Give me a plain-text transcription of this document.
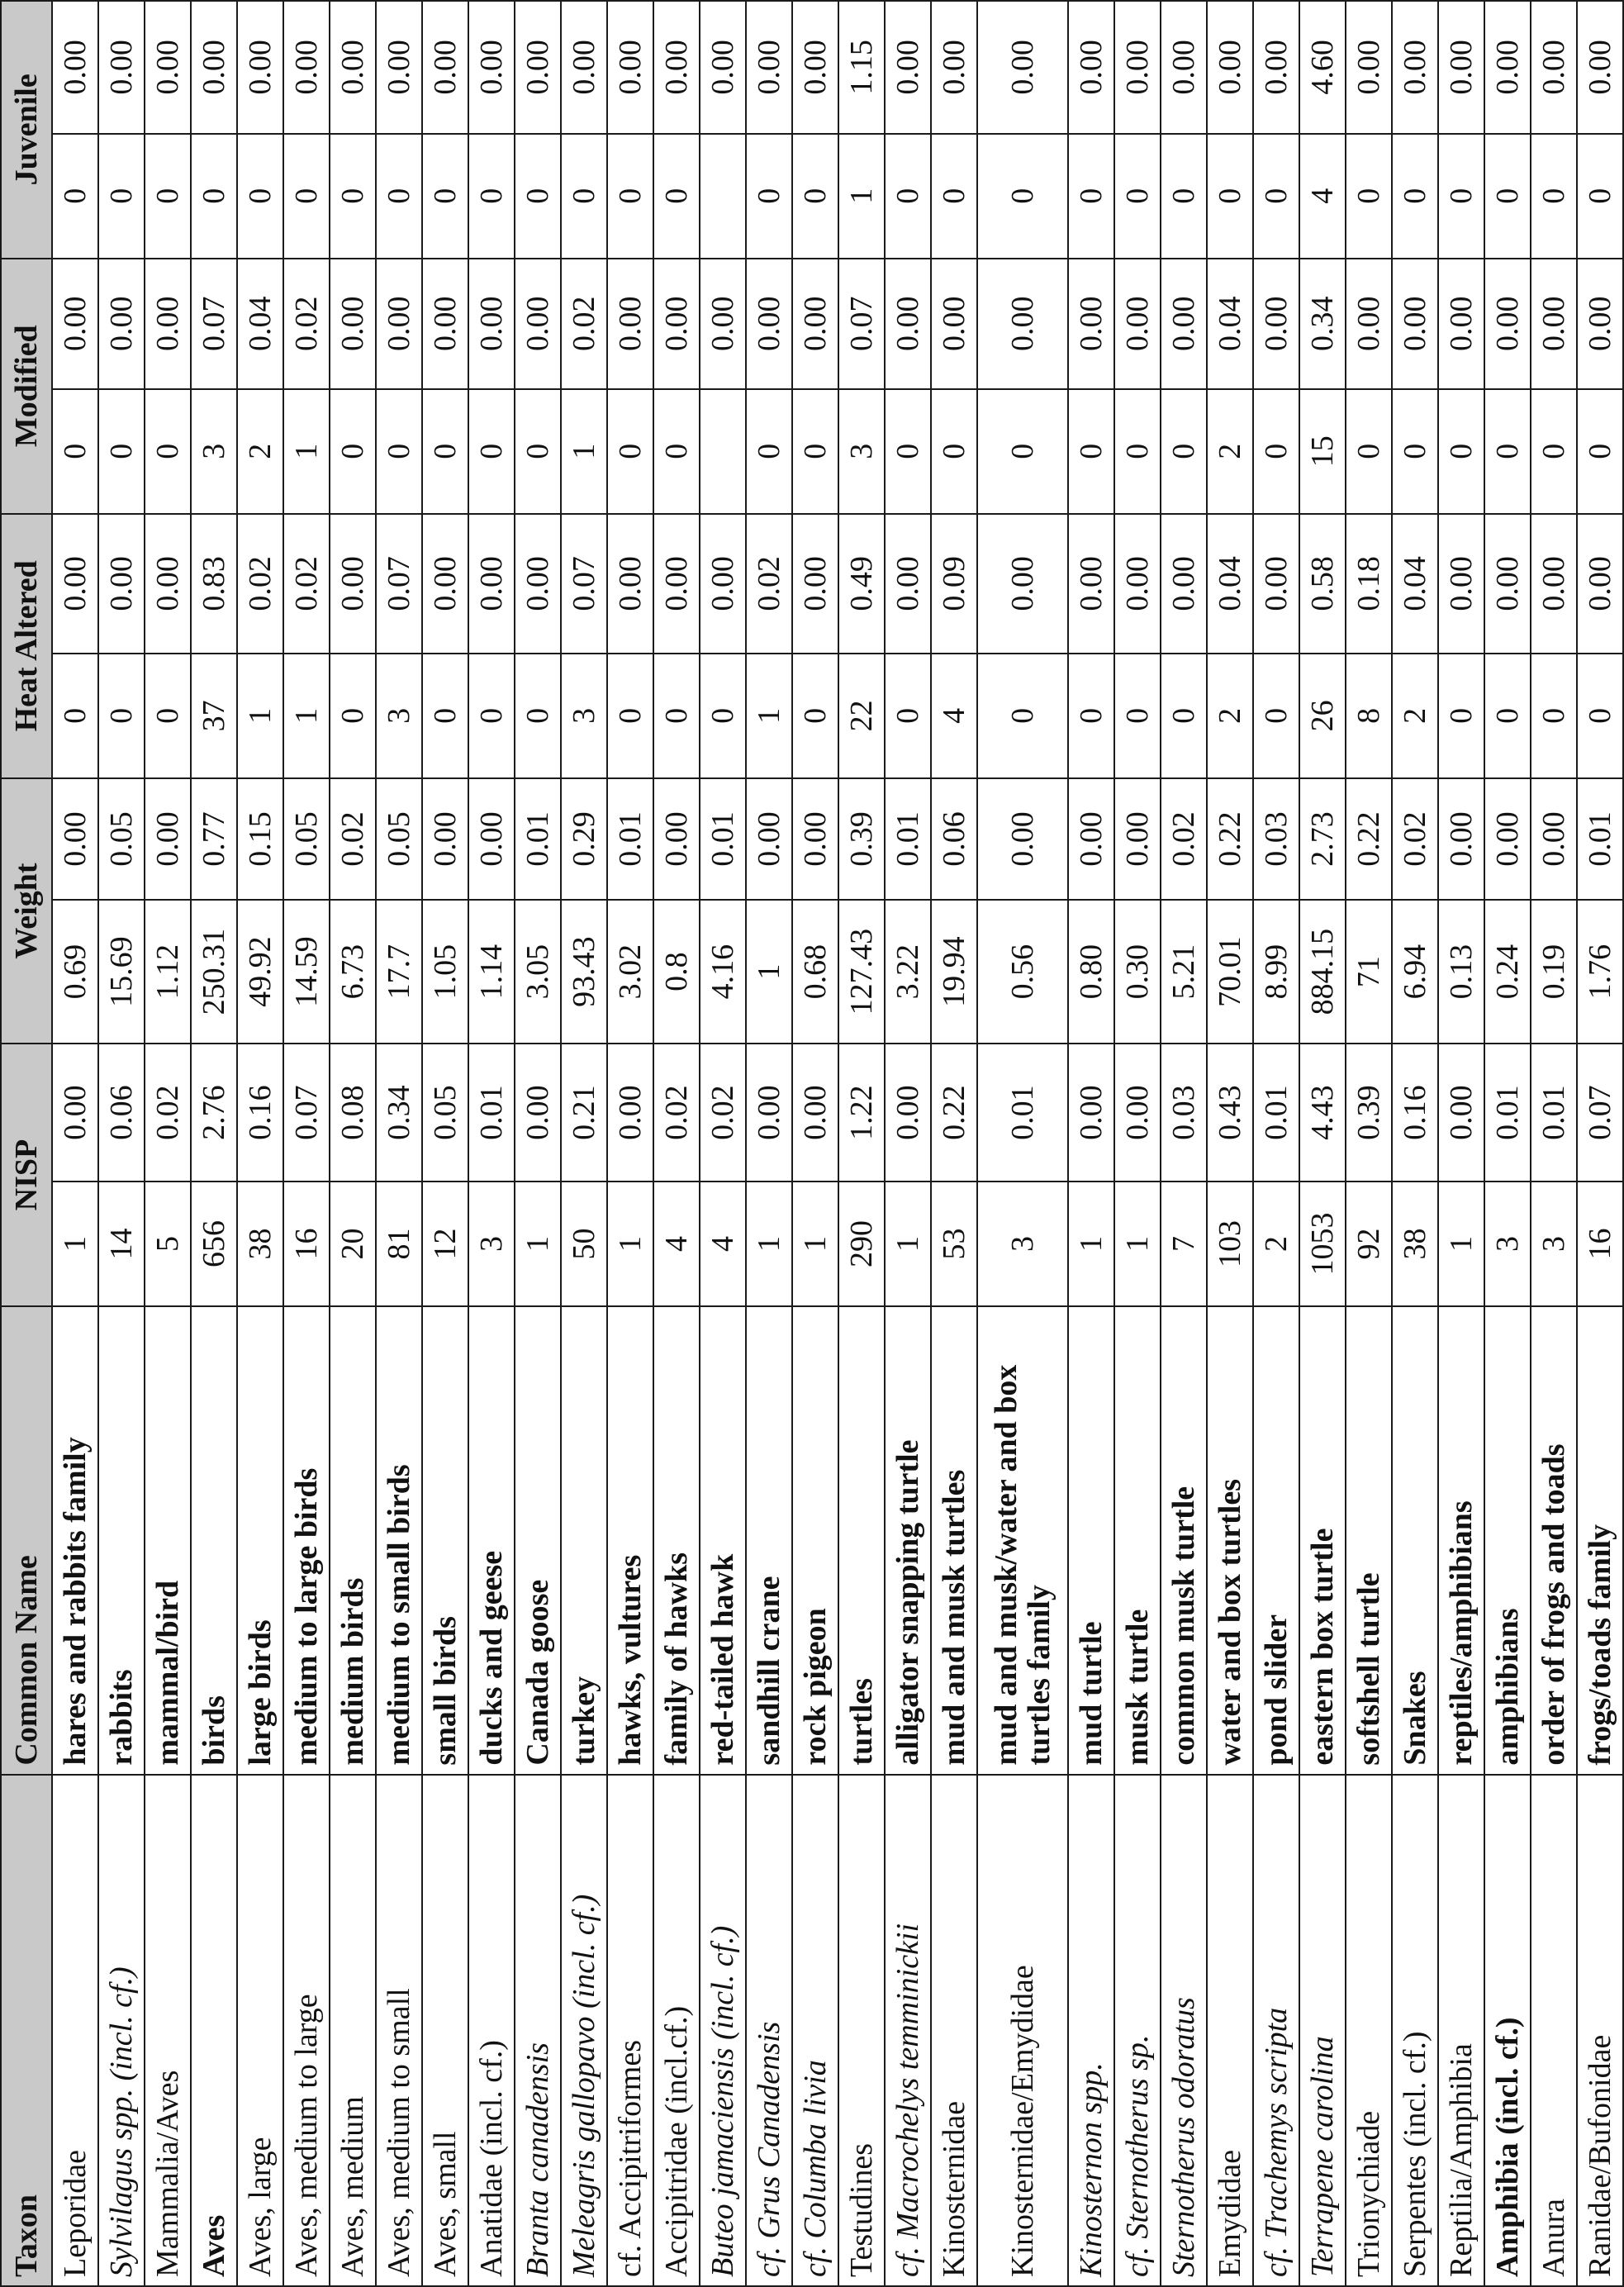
Taxon	Common Name	NISP		Weight		Heat Altered		Modified		Juvenile	
Leporidae	hares and rabbits family	1	0.00	0.69	0.00	0	0.00	0	0.00	0	0.00
Sylvilagus spp. (incl. cf.)	rabbits	14	0.06	15.69	0.05	0	0.00	0	0.00	0	0.00
Mammalia/Aves	mammal/bird	5	0.02	1.12	0.00	0	0.00	0	0.00	0	0.00
Aves	birds	656	2.76	250.31	0.77	37	0.83	3	0.07	0	0.00
Aves, large	large birds	38	0.16	49.92	0.15	1	0.02	2	0.04	0	0.00
Aves, medium to large	medium to large birds	16	0.07	14.59	0.05	1	0.02	1	0.02	0	0.00
Aves, medium	medium birds	20	0.08	6.73	0.02	0	0.00	0	0.00	0	0.00
Aves, medium to small	medium to small birds	81	0.34	17.7	0.05	3	0.07	0	0.00	0	0.00
Aves, small	small birds	12	0.05	1.05	0.00	0	0.00	0	0.00	0	0.00
Anatidae (incl. cf.)	ducks and geese	3	0.01	1.14	0.00	0	0.00	0	0.00	0	0.00
Branta canadensis	Canada goose	1	0.00	3.05	0.01	0	0.00	0	0.00	0	0.00
Meleagris gallopavo (incl. cf.)	turkey	50	0.21	93.43	0.29	3	0.07	1	0.02	0	0.00
cf. Accipitriformes	hawks, vultures	1	0.00	3.02	0.01	0	0.00	0	0.00	0	0.00
Accipitridae (incl.cf.)	family of hawks	4	0.02	0.8	0.00	0	0.00	0	0.00	0	0.00
Buteo jamaciensis (incl. cf.)	red-tailed hawk	4	0.02	4.16	0.01	0	0.00		0.00		0.00
cf. Grus Canadensis	sandhill crane	1	0.00	1	0.00	1	0.02	0	0.00	0	0.00
cf. Columba livia	rock pigeon	1	0.00	0.68	0.00	0	0.00	0	0.00	0	0.00
Testudines	turtles	290	1.22	127.43	0.39	22	0.49	3	0.07	1	1.15
cf. Macrochelys temminickii	alligator snapping turtle	1	0.00	3.22	0.01	0	0.00	0	0.00	0	0.00
Kinosternidae	mud and musk turtles	53	0.22	19.94	0.06	4	0.09	0	0.00	0	0.00
Kinosternidae/Emydidae	mud and musk/water and box turtles family	3	0.01	0.56	0.00	0	0.00	0	0.00	0	0.00
Kinosternon spp.	mud turtle	1	0.00	0.80	0.00	0	0.00	0	0.00	0	0.00
cf. Sternotherus sp.	musk turtle	1	0.00	0.30	0.00	0	0.00	0	0.00	0	0.00
Sternotherus odoratus	common musk turtle	7	0.03	5.21	0.02	0	0.00	0	0.00	0	0.00
Emydidae	water and box turtles	103	0.43	70.01	0.22	2	0.04	2	0.04	0	0.00
cf. Trachemys scripta	pond slider	2	0.01	8.99	0.03	0	0.00	0	0.00	0	0.00
Terrapene carolina	eastern box turtle	1053	4.43	884.15	2.73	26	0.58	15	0.34	4	4.60
Trionychiade	softshell turtle	92	0.39	71	0.22	8	0.18	0	0.00	0	0.00
Serpentes (incl. cf.)	Snakes	38	0.16	6.94	0.02	2	0.04	0	0.00	0	0.00
Reptilia/Amphibia	reptiles/amphibians	1	0.00	0.13	0.00	0	0.00	0	0.00	0	0.00
Amphibia (incl. cf.)	amphibians	3	0.01	0.24	0.00	0	0.00	0	0.00	0	0.00
Anura	order of frogs and toads	3	0.01	0.19	0.00	0	0.00	0	0.00	0	0.00
Ranidae/Bufonidae	frogs/toads family	16	0.07	1.76	0.01	0	0.00	0	0.00	0	0.00
